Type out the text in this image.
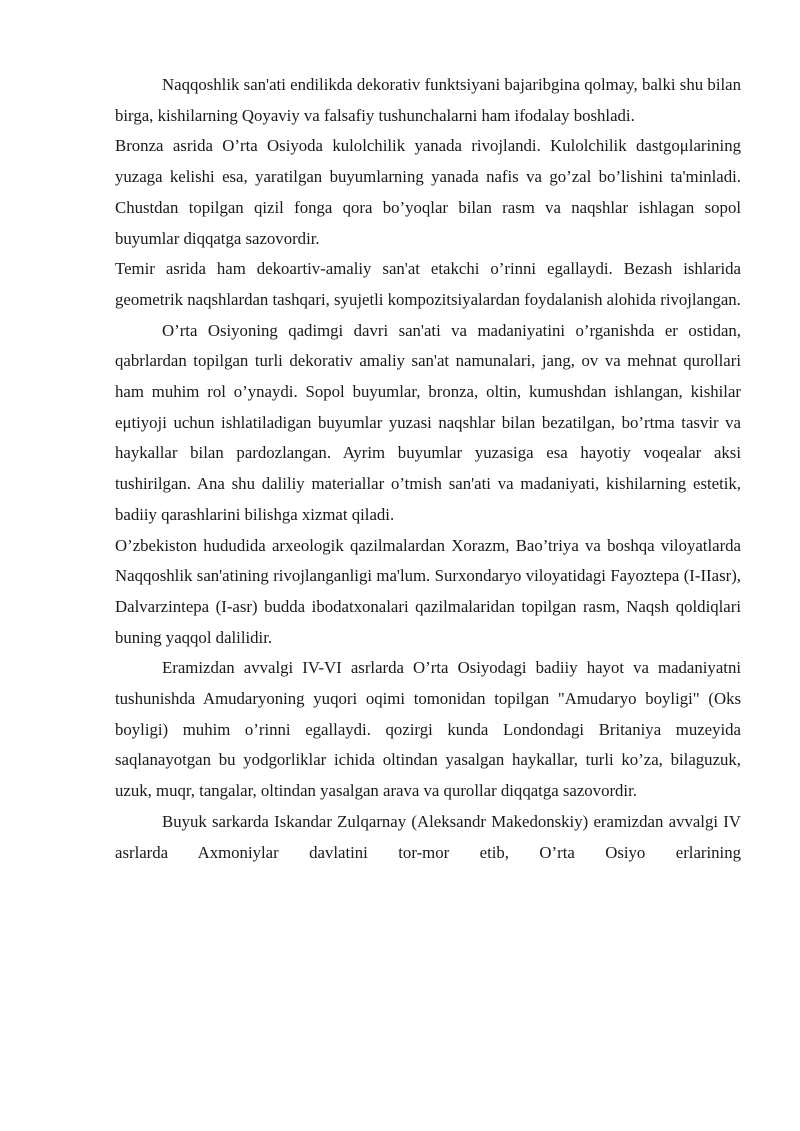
Naqqoshlik san'ati endilikda dekorativ funktsiyani bajaribgina qolmay, balki shu bilan birga, kishilarning Qoyaviy va falsafiy tushunchalarni ham ifodalay boshladi.

Bronza asrida O’rta Osiyoda kulolchilik yanada rivojlandi. Kulolchilik dastgoμlarining yuzaga kelishi esa, yaratilgan buyumlarning yanada nafis va go’zal bo’lishini ta'minladi. Chustdan topilgan qizil fonga qora bo’yoqlar bilan rasm va naqshlar ishlagan sopol buyumlar diqqatga sazovordir.

Temir asrida ham dekoartiv-amaliy san'at etakchi o’rinni egallaydi. Bezash ishlarida geometrik naqshlardan tashqari, syujetli kompozitsiyalardan foydalanish alohida rivojlangan.

O’rta Osiyoning qadimgi davri san'ati va madaniyatini o’rganishda er ostidan, qabrlardan topilgan turli dekorativ amaliy san'at namunalari, jang, ov va mehnat qurollari ham muhim rol o’ynaydi. Sopol buyumlar, bronza, oltin, kumushdan ishlangan, kishilar eμtiyoji uchun ishlatiladigan buyumlar yuzasi naqshlar bilan bezatilgan, bo’rtma tasvir va haykallar bilan pardozlangan. Ayrim buyumlar yuzasiga esa hayotiy voqealar aksi tushirilgan. Ana shu daliliy materiallar o’tmish san'ati va madaniyati, kishilarning estetik, badiiy qarashlarini bilishga xizmat qiladi.

O’zbekiston hududida arxeologik qazilmalardan Xorazm, Bao’triya va boshqa viloyatlarda Naqqoshlik san'atining rivojlanganligi ma'lum. Surxondaryo viloyatidagi Fayoztepa (I-IIasr), Dalvarzintepa (I-asr) budda ibodatxonalari qazilmalaridan topilgan rasm, Naqsh qoldiqlari buning yaqqol dalilidir.

Eramizdan avvalgi IV-VI asrlarda O’rta Osiyodagi badiiy hayot va madaniyatni tushunishda Amudaryoning yuqori oqimi tomonidan topilgan "Amudaryo boyligi" (Oks boyligi) muhim o’rinni egallaydi. qozirgi kunda Londondagi Britaniya muzeyida saqlanayotgan bu yodgorliklar ichida oltindan yasalgan haykallar, turli ko’za, bilaguzuk, uzuk, muqr, tangalar, oltindan yasalgan arava va qurollar diqqatga sazovordir.

Buyuk sarkarda Iskandar Zulqarnay (Aleksandr Makedonskiy) eramizdan avvalgi IV asrlarda Axmoniylar davlatini tor-mor etib, O’rta Osiyo erlarining
